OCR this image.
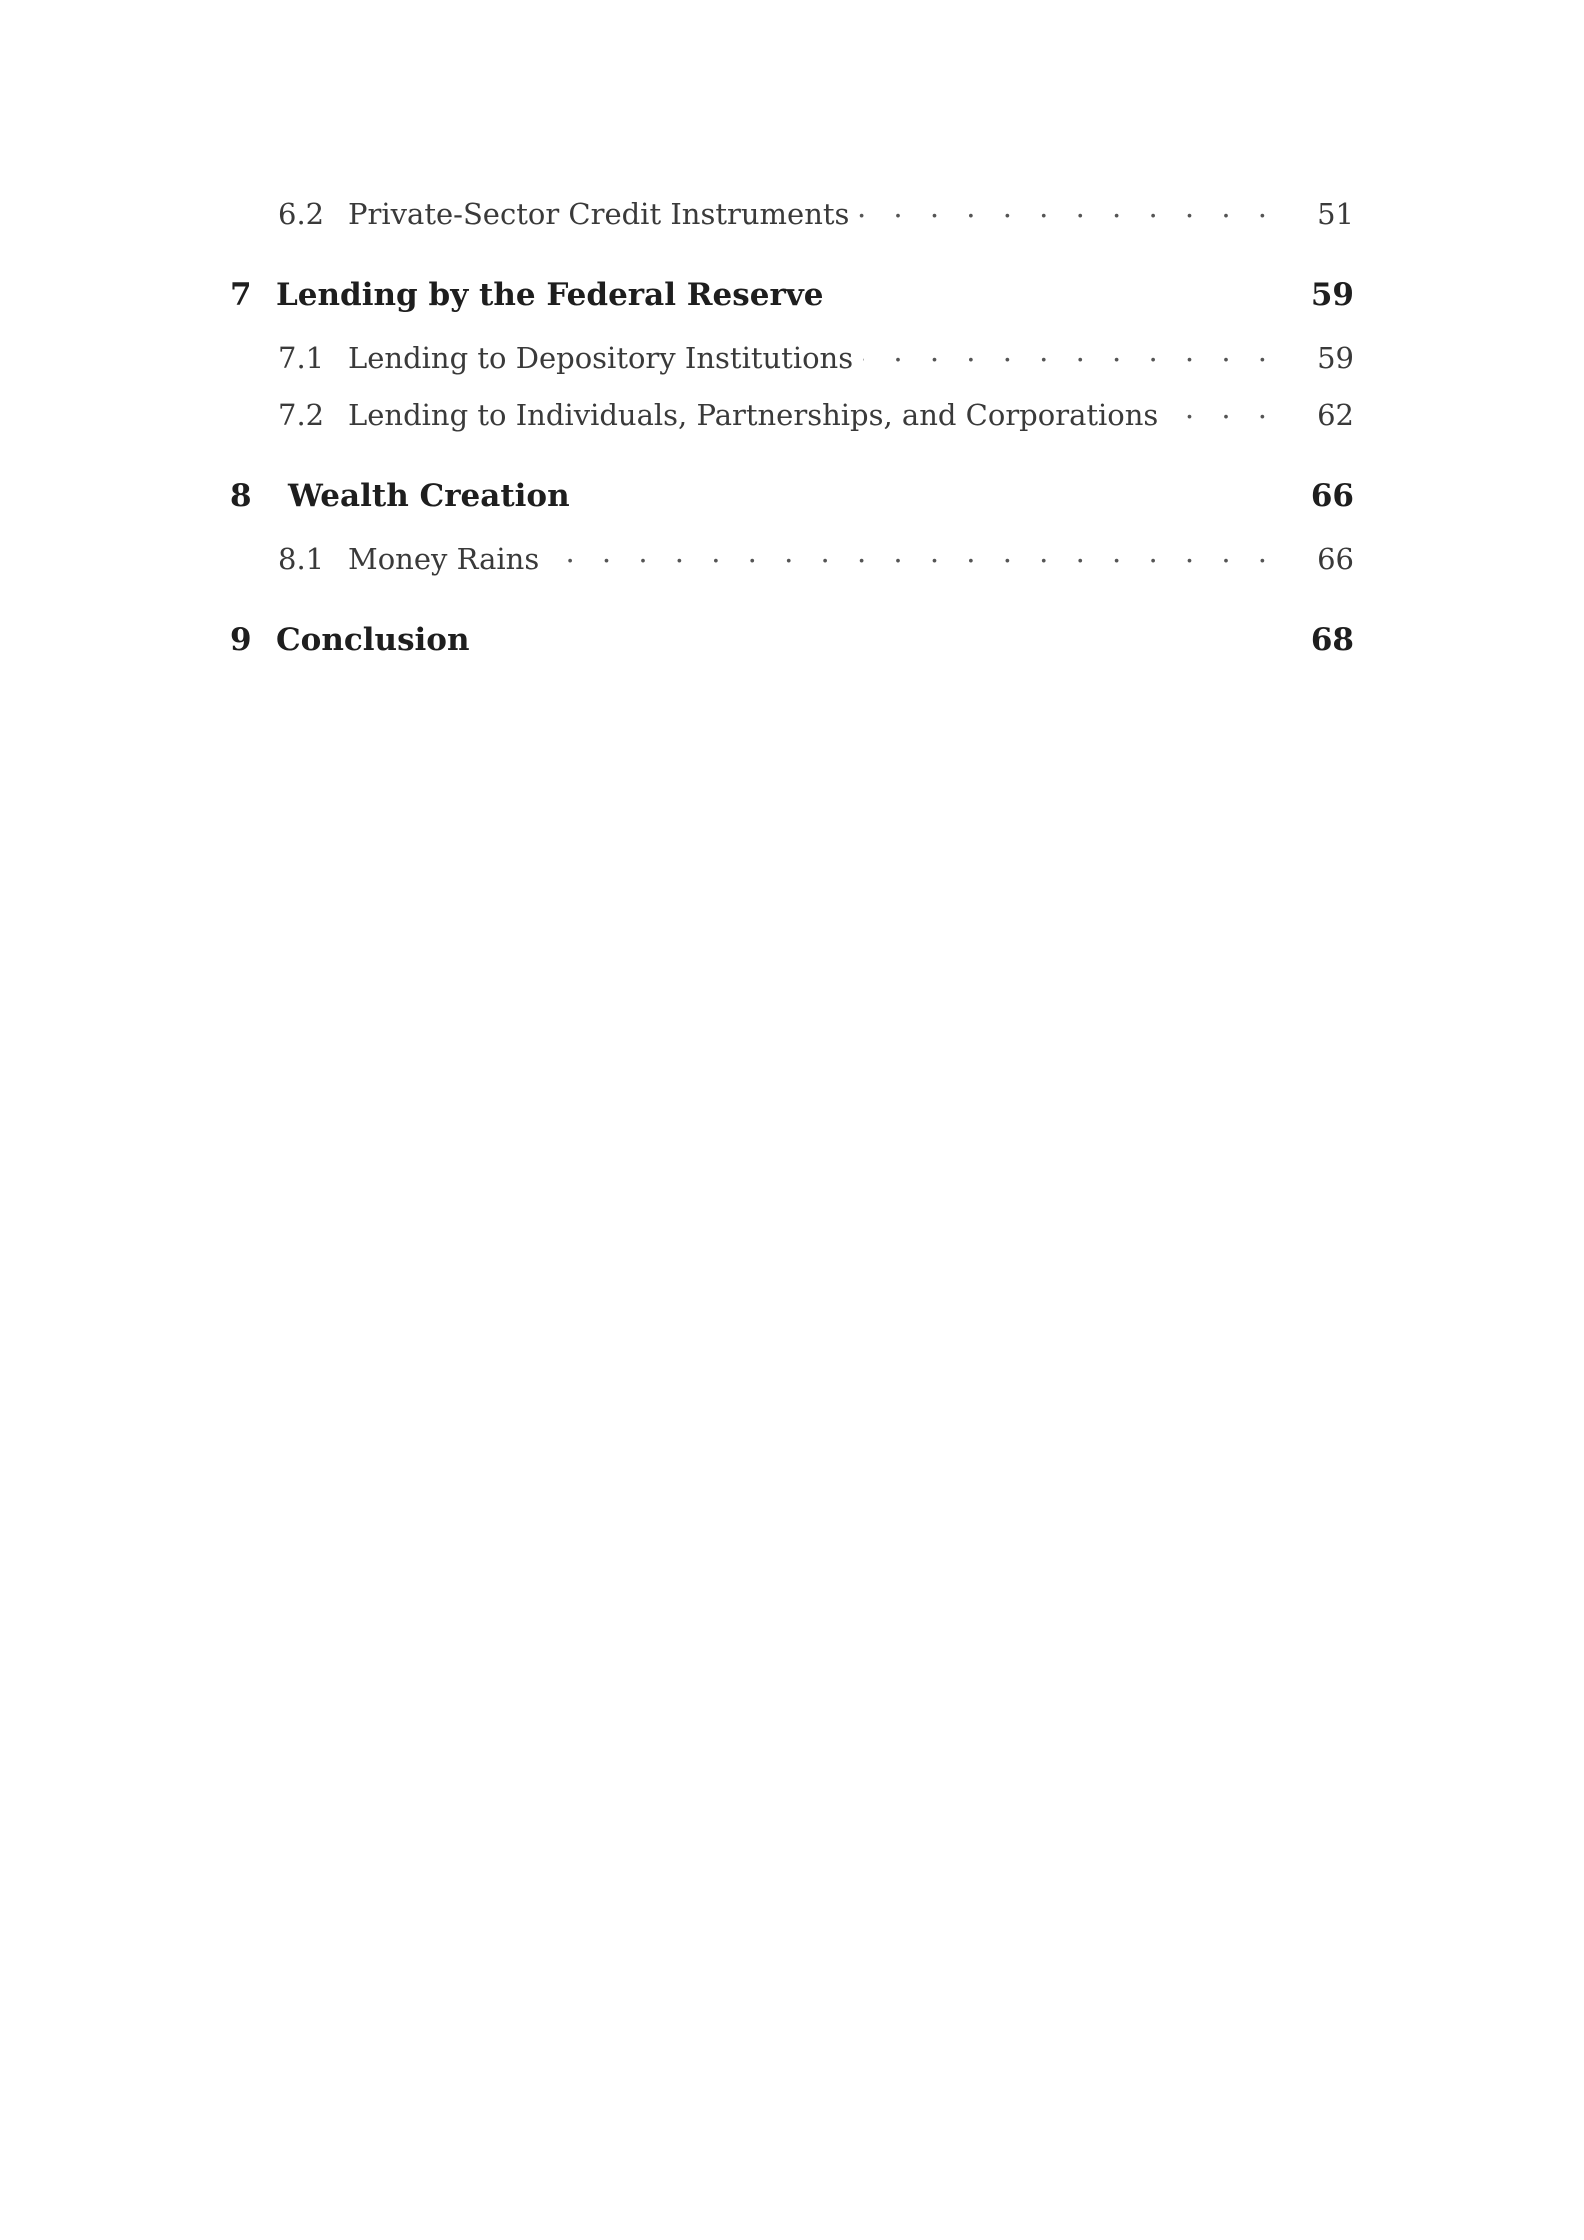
6.2 Private-Sector Credit Instruments . . .	51
7 Lending by the Federal Reserve	59
7.1 Lending to Depository Institutions . . .	59
7.2 Lending to Individuals, Partnerships, and Corporations . . .	62
8	Wealth Creation	66
8.1 Money Rains . . .	66
9 Conclusion	68
